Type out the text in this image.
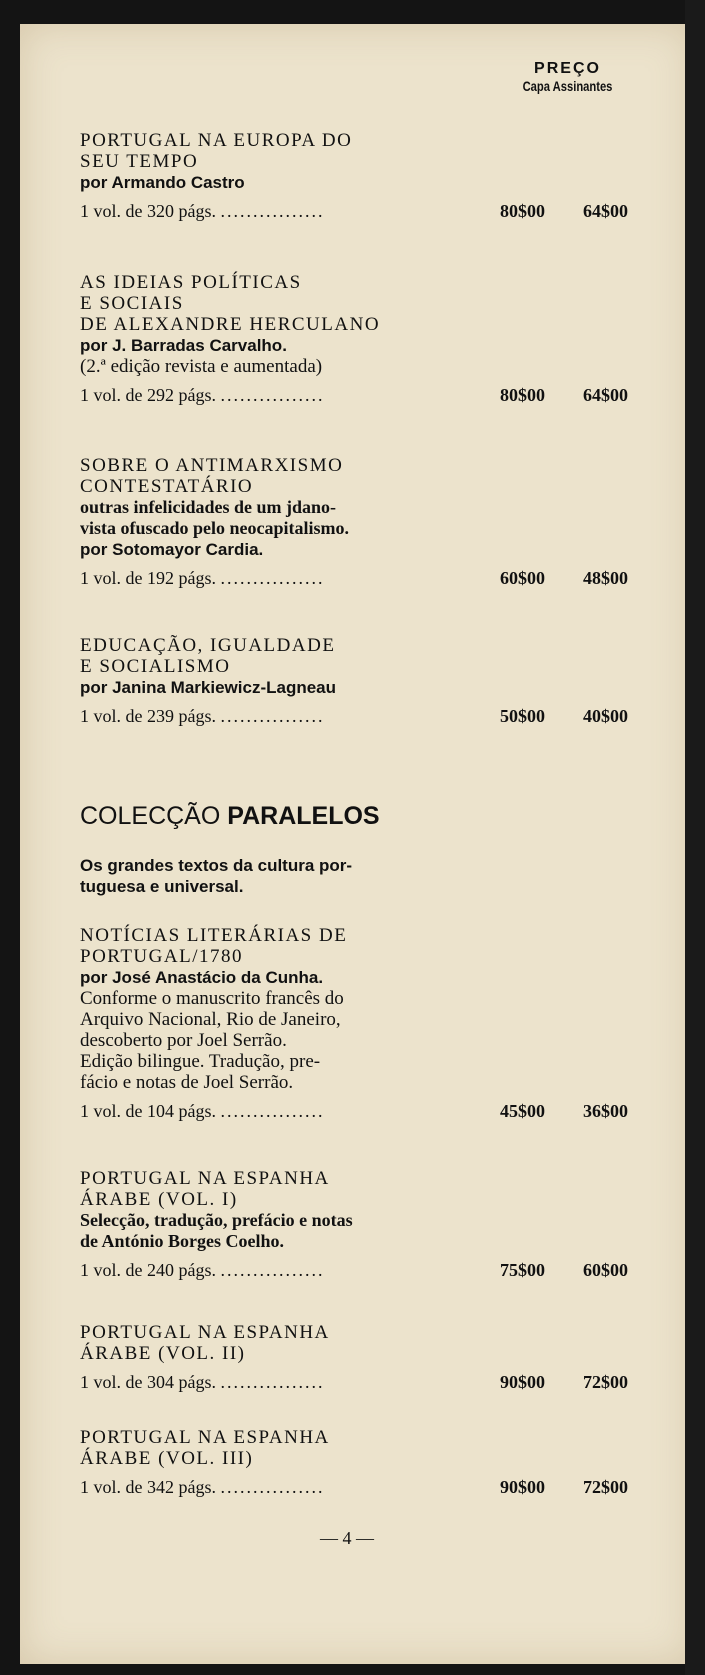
PREÇO
Capa Assinantes
PORTUGAL NA EUROPA DO
SEU TEMPO
por Armando Castro
1 vol. de 320 págs. ................	80$00 64$00
AS IDEIAS POLÍTICAS
E SOCIAIS
DE ALEXANDRE HERCULANO
por J. Barradas Carvalho.
(2.ª edição revista e aumentada)
1 vol. de 292 págs. ................	80$00 64$00
SOBRE O ANTIMARXISMO
CONTESTATÁRIO
outras infelicidades de um jdano-
vista ofuscado pelo neocapitalismo.
por Sotomayor Cardia.
1 vol. de 192 págs. ................	60$00 48$00
EDUCAÇÃO, IGUALDADE
E SOCIALISMO
por Janina Markiewicz-Lagneau
1 vol. de 239 págs. ................	50$00 40$00
COLECÇÃO PARALELOS
Os grandes textos da cultura por-
tuguesa e universal.
NOTÍCIAS LITERÁRIAS DE
PORTUGAL/1780
por José Anastácio da Cunha.
Conforme o manuscrito francês do
Arquivo Nacional, Rio de Janeiro,
descoberto por Joel Serrão.
Edição bilingue. Tradução, pre-
fácio e notas de Joel Serrão.
1 vol. de 104 págs. ................	45$00 36$00
PORTUGAL NA ESPANHA
ÁRABE (VOL. I)
Selecção, tradução, prefácio e notas
de António Borges Coelho.
1 vol. de 240 págs. ................	75$00 60$00
PORTUGAL NA ESPANHA
ÁRABE (VOL. II)
1 vol. de 304 págs. ................	90$00 72$00
PORTUGAL NA ESPANHA
ÁRABE (VOL. III)
1 vol. de 342 págs. ................	90$00 72$00
— 4 —
